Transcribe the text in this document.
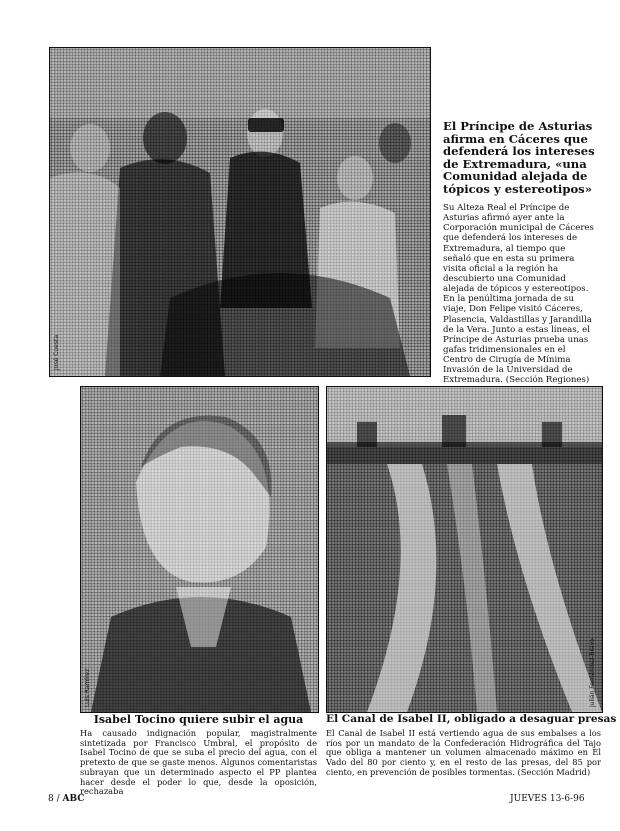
José Cuesta
El Príncipe de Asturias afirma en Cáceres que defenderá los intereses de Extremadura, «una Comunidad alejada de tópicos y estereotipos»
Su Alteza Real el Príncipe de Asturias afirmó ayer ante la Corporación municipal de Cáceres que defenderá los intereses de Extremadura, al tiempo que señaló que en esta su primera visita oficial a la región ha descubierto una Comunidad alejada de tópicos y estereotipos. En la penúltima jornada de su viaje, Don Felipe visitó Cáceres, Plasencia, Valdastillas y Jarandilla de la Vera. Junto a estas líneas, el Príncipe de Asturias prueba unas gafas tridimensionales en el Centro de Cirugía de Mínima Invasión de la Universidad de Extremadura. (Sección Regiones)
Luis Ramírez	Julián Fernández-Bravo
Isabel Tocino quiere subir el agua
Ha causado indignación popular, magistralmente sintetizada por Francisco Umbral, el propósito de Isabel Tocino de que se suba el precio del agua, con el pretexto de que se gaste menos. Algunos comentaristas subrayan que un determinado aspecto el PP plantea hacer desde el poder lo que, desde la oposición, rechazaba
El Canal de Isabel II, obligado a desaguar presas
El Canal de Isabel II está vertiendo agua de sus embalses a los ríos por un mandato de la Confederación Hidrográfica del Tajo que obliga a mantener un volumen almacenado máximo en El Vado del 80 por ciento y, en el resto de las presas, del 85 por ciento, en prevención de posibles tormentas. (Sección Madrid)
8 / ABC	JUEVES 13-6-96
